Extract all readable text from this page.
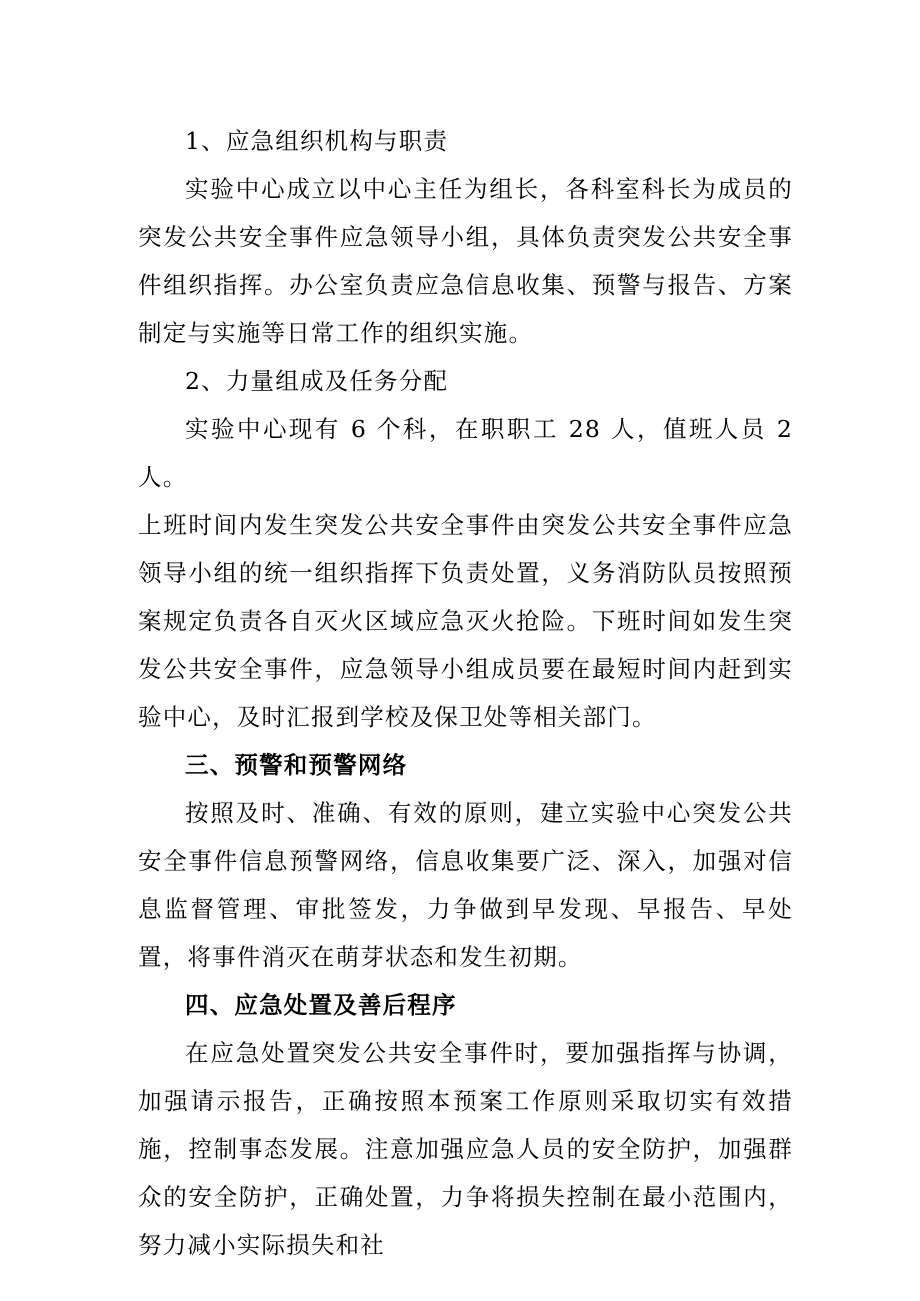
1、应急组织机构与职责

实验中心成立以中心主任为组长，各科室科长为成员的突发公共安全事件应急领导小组，具体负责突发公共安全事件组织指挥。办公室负责应急信息收集、预警与报告、方案制定与实施等日常工作的组织实施。

2、力量组成及任务分配

实验中心现有 6 个科，在职职工 28 人，值班人员 2 人。

上班时间内发生突发公共安全事件由突发公共安全事件应急领导小组的统一组织指挥下负责处置，义务消防队员按照预案规定负责各自灭火区域应急灭火抢险。下班时间如发生突发公共安全事件，应急领导小组成员要在最短时间内赶到实验中心，及时汇报到学校及保卫处等相关部门。

三、预警和预警网络

按照及时、准确、有效的原则，建立实验中心突发公共安全事件信息预警网络，信息收集要广泛、深入，加强对信息监督管理、审批签发，力争做到早发现、早报告、早处置，将事件消灭在萌芽状态和发生初期。

四、应急处置及善后程序

在应急处置突发公共安全事件时，要加强指挥与协调，加强请示报告，正确按照本预案工作原则采取切实有效措施，控制事态发展。注意加强应急人员的安全防护，加强群众的安全防护，正确处置，力争将损失控制在最小范围内，努力减小实际损失和社
